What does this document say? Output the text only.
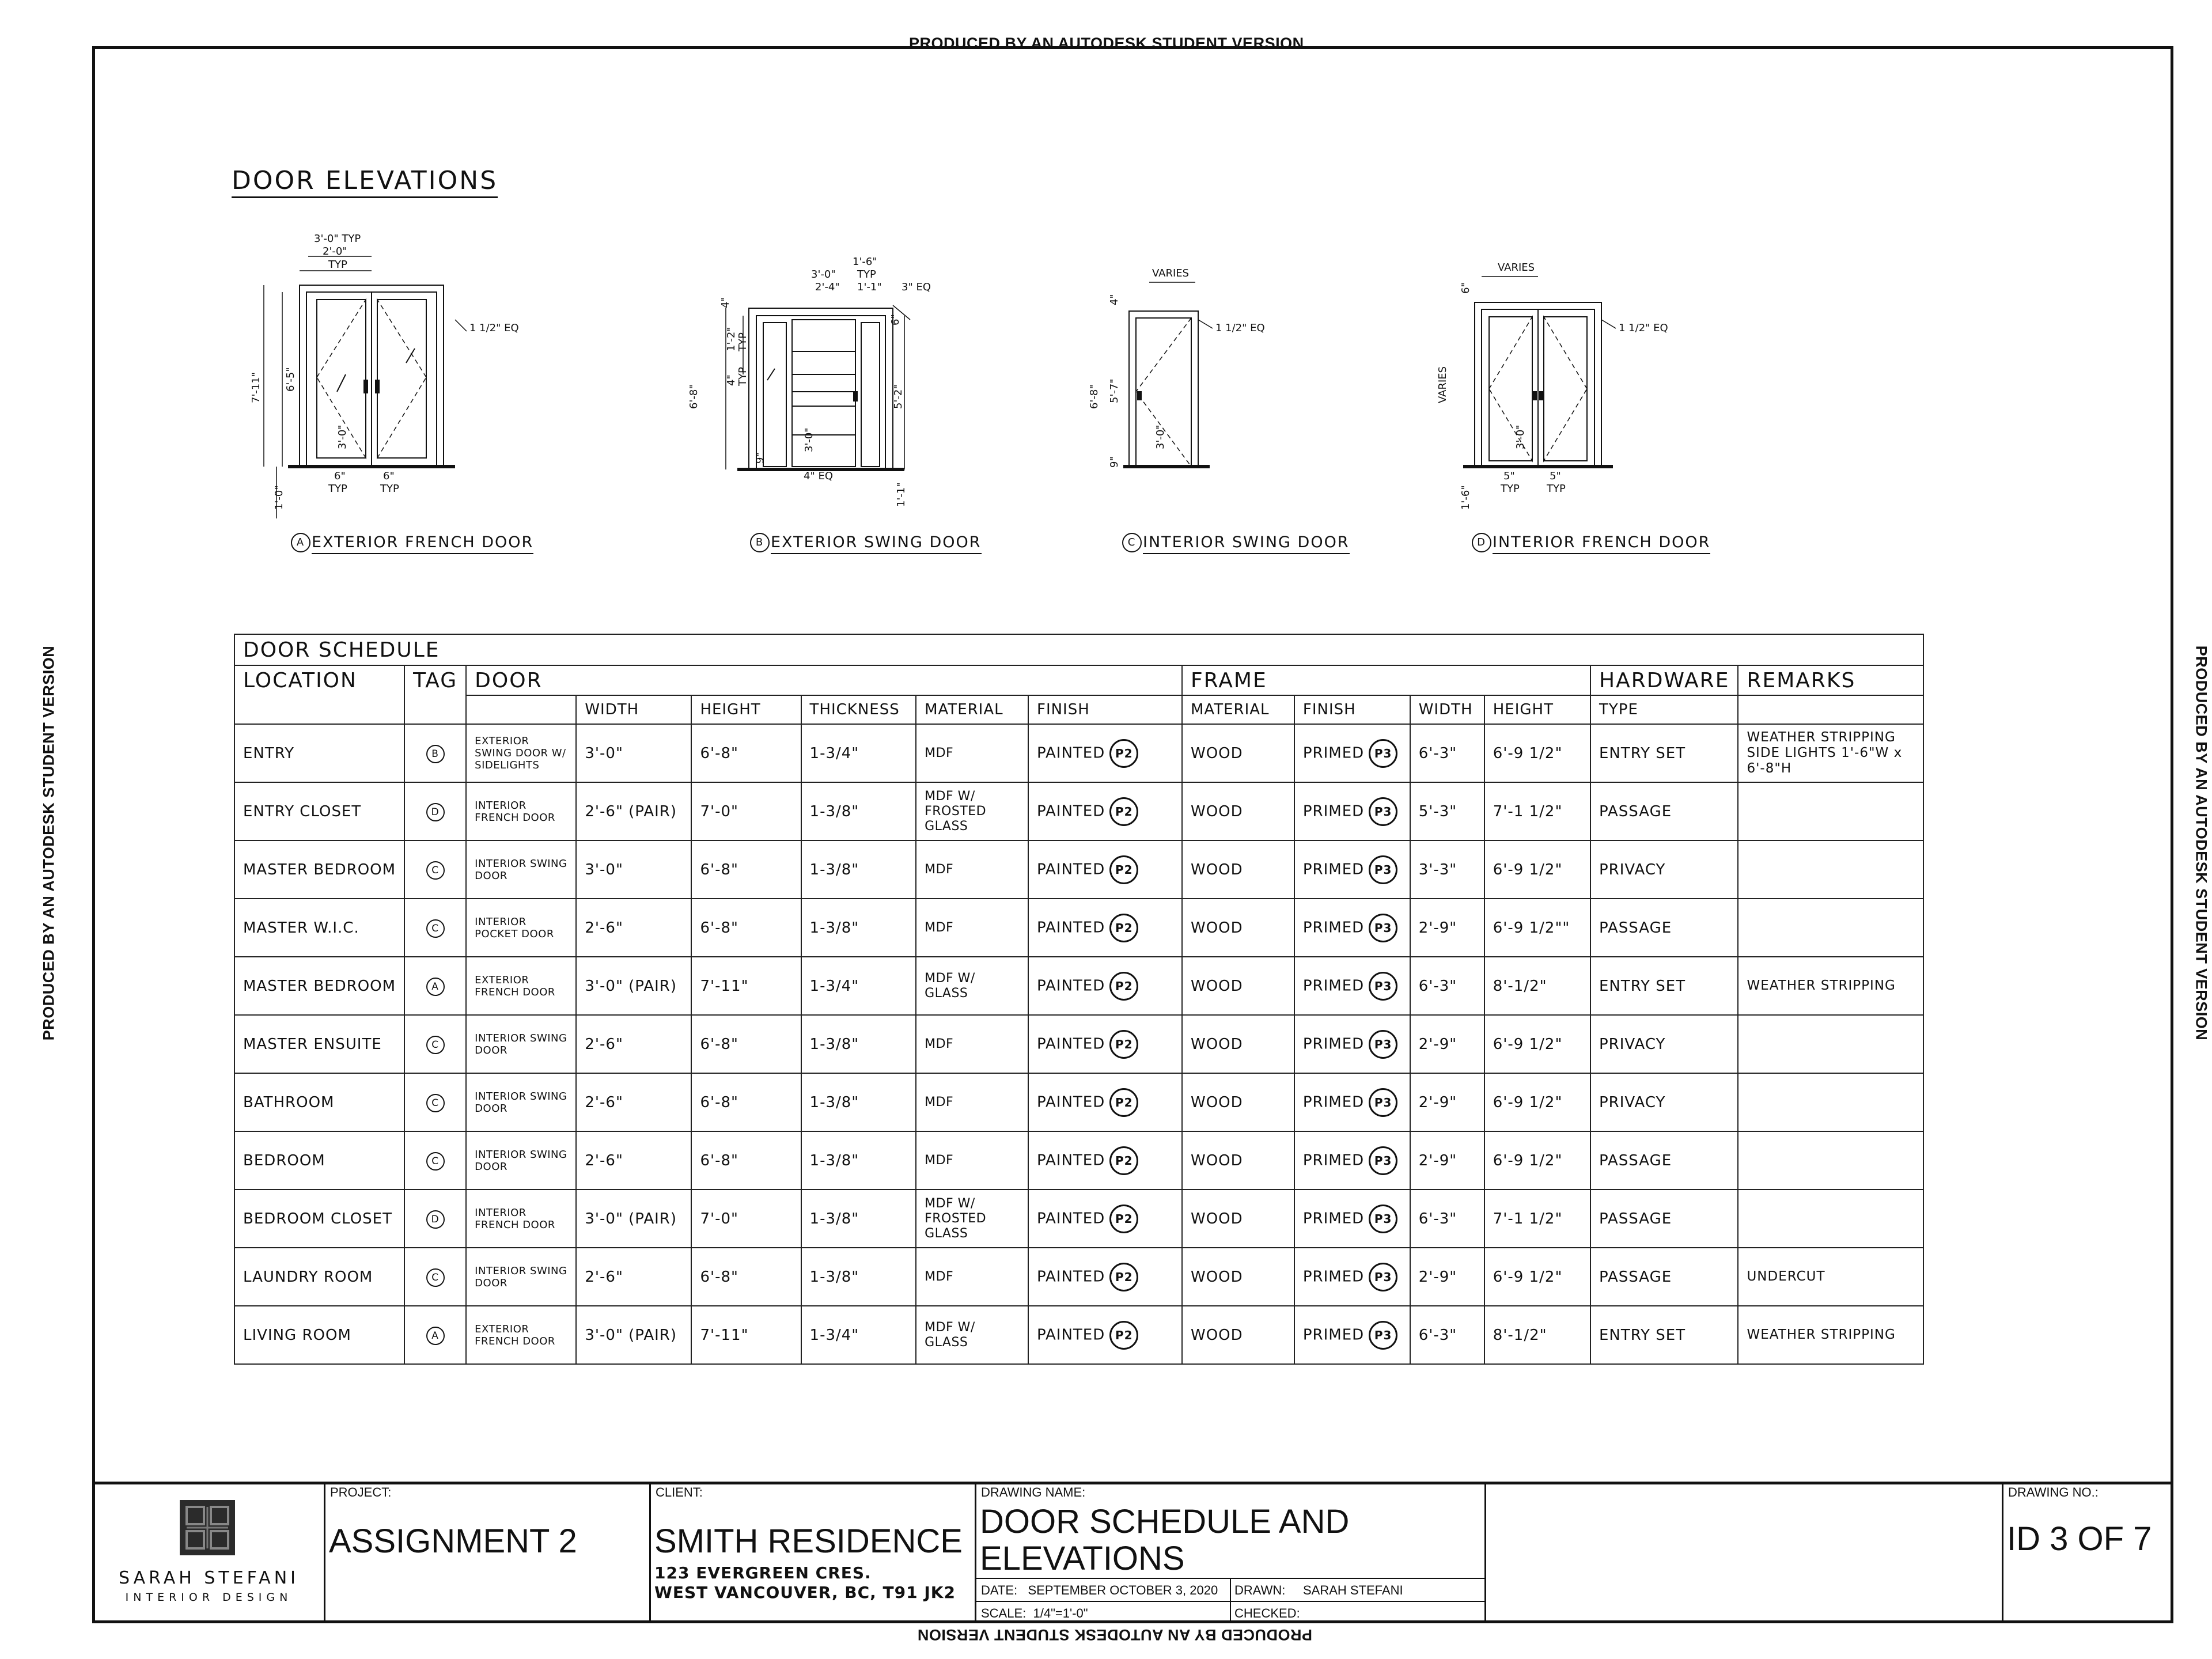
PRODUCED BY AN AUTODESK STUDENT VERSION
PRODUCED BY AN AUTODESK STUDENT VERSION
PRODUCED BY AN AUTODESK STUDENT VERSION	PRODUCED BY AN AUTODESK STUDENT VERSION
DOOR ELEVATIONS
3'-0" TYP
2'-0"
TYP
1 1/2" EQ
7'-11" 6'-5"
3'-0"
1'-0"
6"
TYP
6"
TYP
3'-0"
2'-4"
1'-6"
TYP
1'-1" 3" EQ
4"
1'-2" TYP
6'-8"
4" TYP
5'-2"
6"
3'-0"
9"
4" EQ
1'-1"
VARIES
1 1/2" EQ
4"
6'-8" 5'-7"
3'-0"
9"
VARIES
1 1/2" EQ
6"
VARIES
3'-0"
1'-6"
5"
TYP
5"
TYP
A EXTERIOR FRENCH DOOR	B EXTERIOR SWING DOOR	C INTERIOR SWING DOOR	D INTERIOR FRENCH DOOR
DOOR SCHEDULE													
LOCATION	TAG	DOOR						FRAME				HARDWARE	REMARKS
			WIDTH	HEIGHT	THICKNESS	MATERIAL	FINISH	MATERIAL	FINISH	WIDTH	HEIGHT	TYPE	
ENTRY	B	EXTERIOR SWING DOOR W/ SIDELIGHTS	3'-0"	6'-8"	1-3/4"	MDF	PAINTED P2	WOOD	PRIMED P3	6'-3"	6'-9 1/2"	ENTRY SET	WEATHER STRIPPING SIDE LIGHTS 1'-6"W x 6'-8"H
ENTRY CLOSET	D	INTERIOR FRENCH DOOR	2'-6" (PAIR)	7'-0"	1-3/8"	MDF W/ FROSTED GLASS	PAINTED P2	WOOD	PRIMED P3	5'-3"	7'-1 1/2"	PASSAGE	
MASTER BEDROOM	C	INTERIOR SWING DOOR	3'-0"	6'-8"	1-3/8"	MDF	PAINTED P2	WOOD	PRIMED P3	3'-3"	6'-9 1/2"	PRIVACY	
MASTER W.I.C.	C	INTERIOR POCKET DOOR	2'-6"	6'-8"	1-3/8"	MDF	PAINTED P2	WOOD	PRIMED P3	2'-9"	6'-9 1/2""	PASSAGE	
MASTER BEDROOM	A	EXTERIOR FRENCH DOOR	3'-0" (PAIR)	7'-11"	1-3/4"	MDF W/ GLASS	PAINTED P2	WOOD	PRIMED P3	6'-3"	8'-1/2"	ENTRY SET	WEATHER STRIPPING
MASTER ENSUITE	C	INTERIOR SWING DOOR	2'-6"	6'-8"	1-3/8"	MDF	PAINTED P2	WOOD	PRIMED P3	2'-9"	6'-9 1/2"	PRIVACY	
BATHROOM	C	INTERIOR SWING DOOR	2'-6"	6'-8"	1-3/8"	MDF	PAINTED P2	WOOD	PRIMED P3	2'-9"	6'-9 1/2"	PRIVACY	
BEDROOM	C	INTERIOR SWING DOOR	2'-6"	6'-8"	1-3/8"	MDF	PAINTED P2	WOOD	PRIMED P3	2'-9"	6'-9 1/2"	PASSAGE	
BEDROOM CLOSET	D	INTERIOR FRENCH DOOR	3'-0" (PAIR)	7'-0"	1-3/8"	MDF W/ FROSTED GLASS	PAINTED P2	WOOD	PRIMED P3	6'-3"	7'-1 1/2"	PASSAGE	
LAUNDRY ROOM	C	INTERIOR SWING DOOR	2'-6"	6'-8"	1-3/8"	MDF	PAINTED P2	WOOD	PRIMED P3	2'-9"	6'-9 1/2"	PASSAGE	UNDERCUT
LIVING ROOM	A	EXTERIOR FRENCH DOOR	3'-0" (PAIR)	7'-11"	1-3/4"	MDF W/ GLASS	PAINTED P2	WOOD	PRIMED P3	6'-3"	8'-1/2"	ENTRY SET	WEATHER STRIPPING
SARAH STEFANI
INTERIOR DESIGN
PROJECT:
ASSIGNMENT 2
CLIENT:
SMITH RESIDENCE
123 EVERGREEN CRES.
WEST VANCOUVER, BC, T91 JK2
DRAWING NAME:
DOOR SCHEDULE AND
ELEVATIONS
DATE: SEPTEMBER OCTOBER 3, 2020 DRAWN: SARAH STEFANI
SCALE: 1/4"=1'-0"	CHECKED:
DRAWING NO.:
ID 3 OF 7
